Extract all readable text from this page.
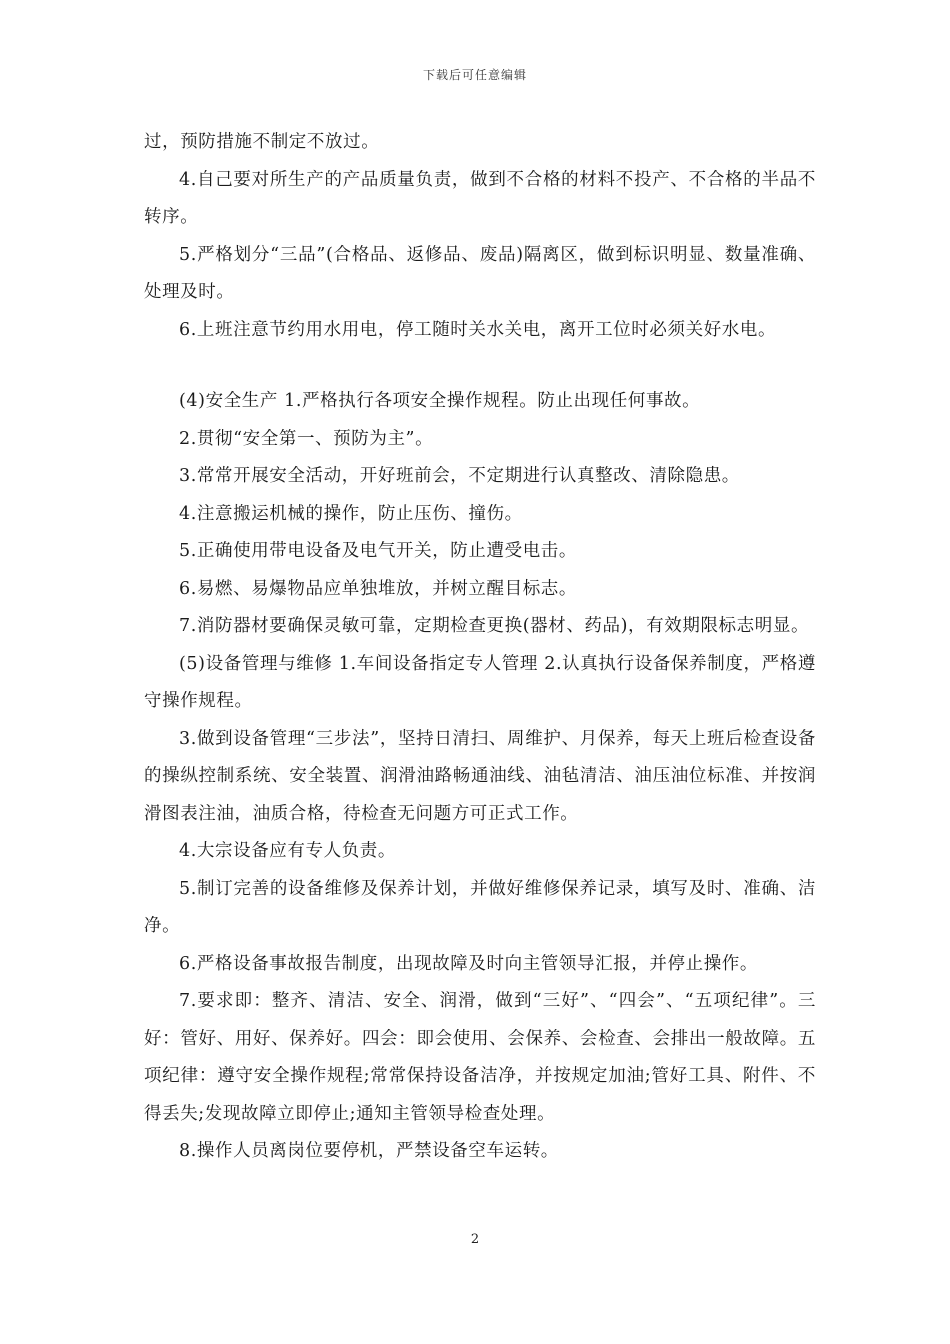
下载后可任意编辑

过，预防措施不制定不放过。

4.自己要对所生产的产品质量负责，做到不合格的材料不投产、不合格的半品不转序。

5.严格划分“三品”(合格品、返修品、废品)隔离区，做到标识明显、数量准确、处理及时。

6.上班注意节约用水用电，停工随时关水关电，离开工位时必须关好水电。

(4)安全生产 1.严格执行各项安全操作规程。防止出现任何事故。

2.贯彻“安全第一、预防为主”。

3.常常开展安全活动，开好班前会，不定期进行认真整改、清除隐患。

4.注意搬运机械的操作，防止压伤、撞伤。

5.正确使用带电设备及电气开关，防止遭受电击。

6.易燃、易爆物品应单独堆放，并树立醒目标志。

7.消防器材要确保灵敏可靠，定期检查更换(器材、药品)，有效期限标志明显。

(5)设备管理与维修 1.车间设备指定专人管理 2.认真执行设备保养制度，严格遵守操作规程。

3.做到设备管理“三步法”，坚持日清扫、周维护、月保养，每天上班后检查设备的操纵控制系统、安全装置、润滑油路畅通油线、油毡清洁、油压油位标准、并按润滑图表注油，油质合格，待检查无问题方可正式工作。

4.大宗设备应有专人负责。

5.制订完善的设备维修及保养计划，并做好维修保养记录，填写及时、准确、洁净。

6.严格设备事故报告制度，出现故障及时向主管领导汇报，并停止操作。

7.要求即：整齐、清洁、安全、润滑，做到“三好”、“四会”、“五项纪律”。三好：管好、用好、保养好。四会：即会使用、会保养、会检查、会排出一般故障。五项纪律：遵守安全操作规程;常常保持设备洁净，并按规定加油;管好工具、附件、不得丢失;发现故障立即停止;通知主管领导检查处理。

8.操作人员离岗位要停机，严禁设备空车运转。

2
